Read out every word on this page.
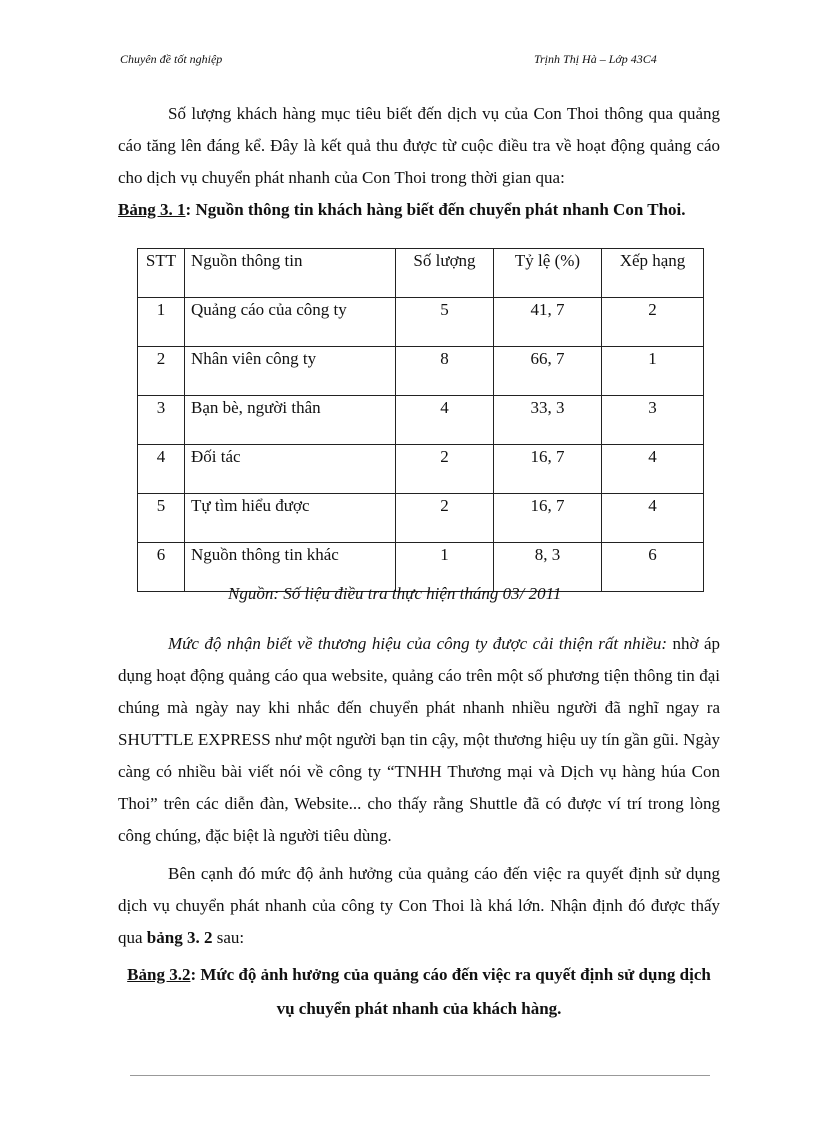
Chuyên đề tốt nghiệp	Trịnh Thị Hà – Lớp 43C4

Số lượng khách hàng mục tiêu biết đến dịch vụ của Con Thoi thông qua quảng cáo tăng lên đáng kể. Đây là kết quả thu được từ cuộc điều tra về hoạt động quảng cáo cho dịch vụ chuyển phát nhanh của Con Thoi trong thời gian qua:

Bảng 3. 1: Nguồn thông tin khách hàng biết đến chuyển phát nhanh Con Thoi.
STT	Nguồn thông tin	Số lượng	Tỷ lệ (%)	Xếp hạng
1	Quảng cáo của công ty	5	41, 7	2
2	Nhân viên công ty	8	66, 7	1
3	Bạn bè, người thân	4	33, 3	3
4	Đối tác	2	16, 7	4
5	Tự tìm hiểu được	2	16, 7	4
6	Nguồn thông tin khác	1	8, 3	6
Nguồn: Số liệu điều tra thực hiện tháng 03/ 2011

Mức độ nhận biết về thương hiệu của công ty được cải thiện rất nhiều: nhờ áp dụng hoạt động quảng cáo qua website, quảng cáo trên một số phương tiện thông tin đại chúng mà ngày nay khi nhắc đến chuyển phát nhanh nhiều người đã nghĩ ngay ra SHUTTLE EXPRESS như một người bạn tin cậy, một thương hiệu uy tín gần gũi. Ngày càng có nhiều bài viết nói về công ty “TNHH Thương mại và Dịch vụ hàng húa Con Thoi” trên các diễn đàn, Website... cho thấy rằng Shuttle đã có được ví trí trong lòng công chúng, đặc biệt là người tiêu dùng.

Bên cạnh đó mức độ ảnh hưởng của quảng cáo đến việc ra quyết định sử dụng dịch vụ chuyển phát nhanh của công ty Con Thoi là khá lớn. Nhận định đó được thấy qua bảng 3. 2 sau:

Bảng 3.2: Mức độ ảnh hưởng của quảng cáo đến việc ra quyết định sử dụng dịch vụ chuyển phát nhanh của khách hàng.
